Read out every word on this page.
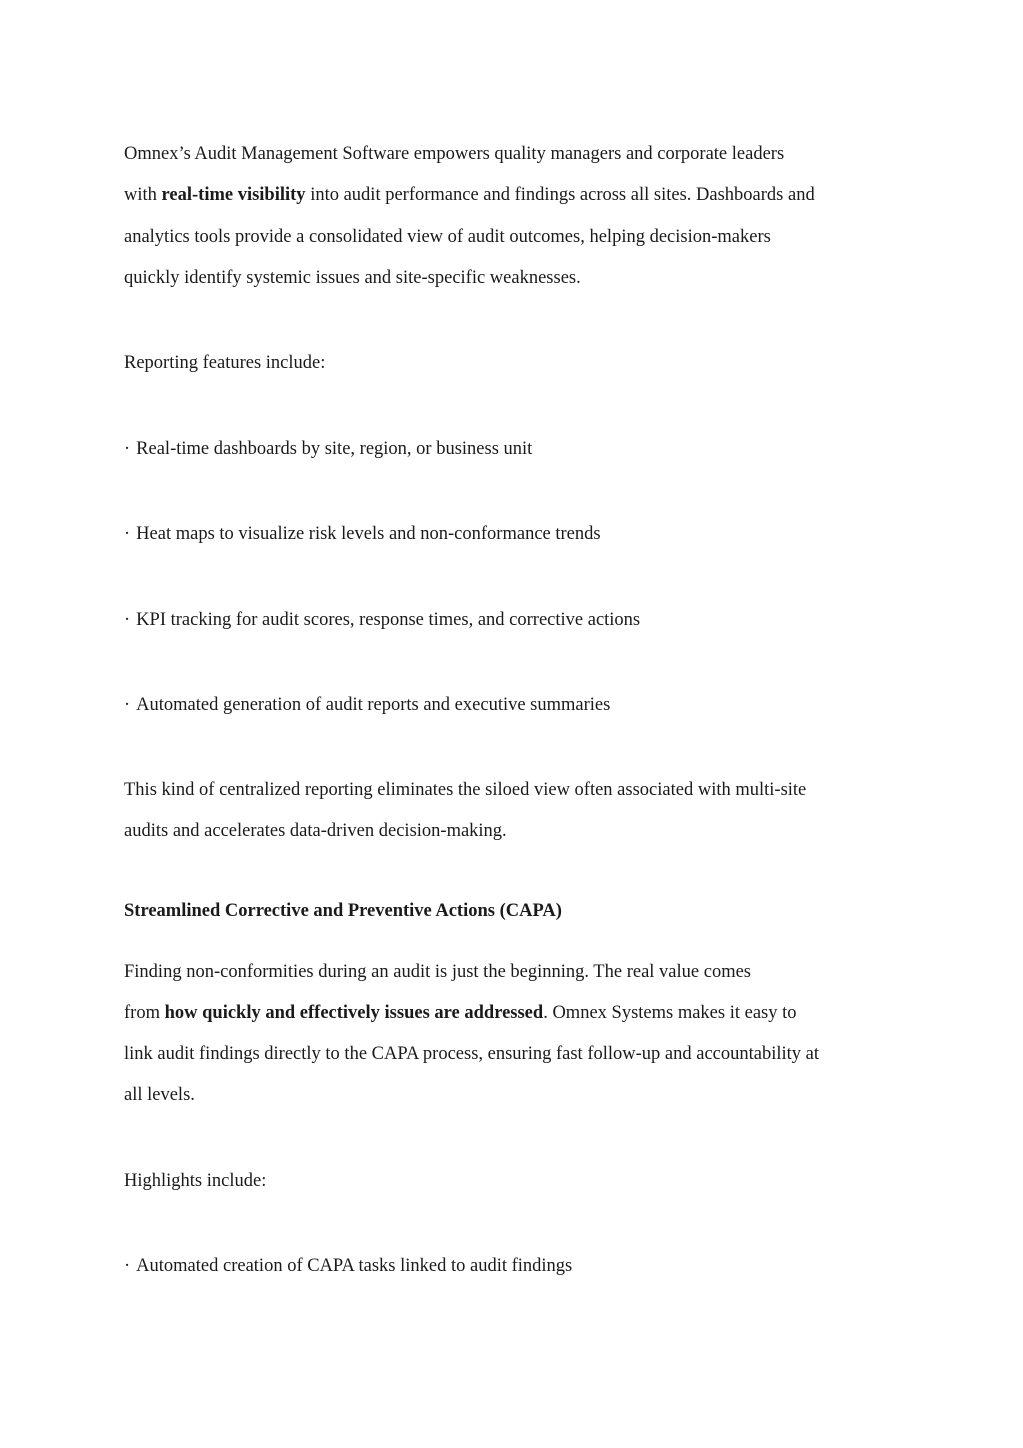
Omnex’s Audit Management Software empowers quality managers and corporate leaders

with real-time visibility into audit performance and findings across all sites. Dashboards and

analytics tools provide a consolidated view of audit outcomes, helping decision-makers

quickly identify systemic issues and site-specific weaknesses.

Reporting features include:

· Real-time dashboards by site, region, or business unit

· Heat maps to visualize risk levels and non-conformance trends

· KPI tracking for audit scores, response times, and corrective actions

· Automated generation of audit reports and executive summaries

This kind of centralized reporting eliminates the siloed view often associated with multi-site

audits and accelerates data-driven decision-making.

Streamlined Corrective and Preventive Actions (CAPA)

Finding non-conformities during an audit is just the beginning. The real value comes

from how quickly and effectively issues are addressed. Omnex Systems makes it easy to

link audit findings directly to the CAPA process, ensuring fast follow-up and accountability at

all levels.

Highlights include:

· Automated creation of CAPA tasks linked to audit findings
